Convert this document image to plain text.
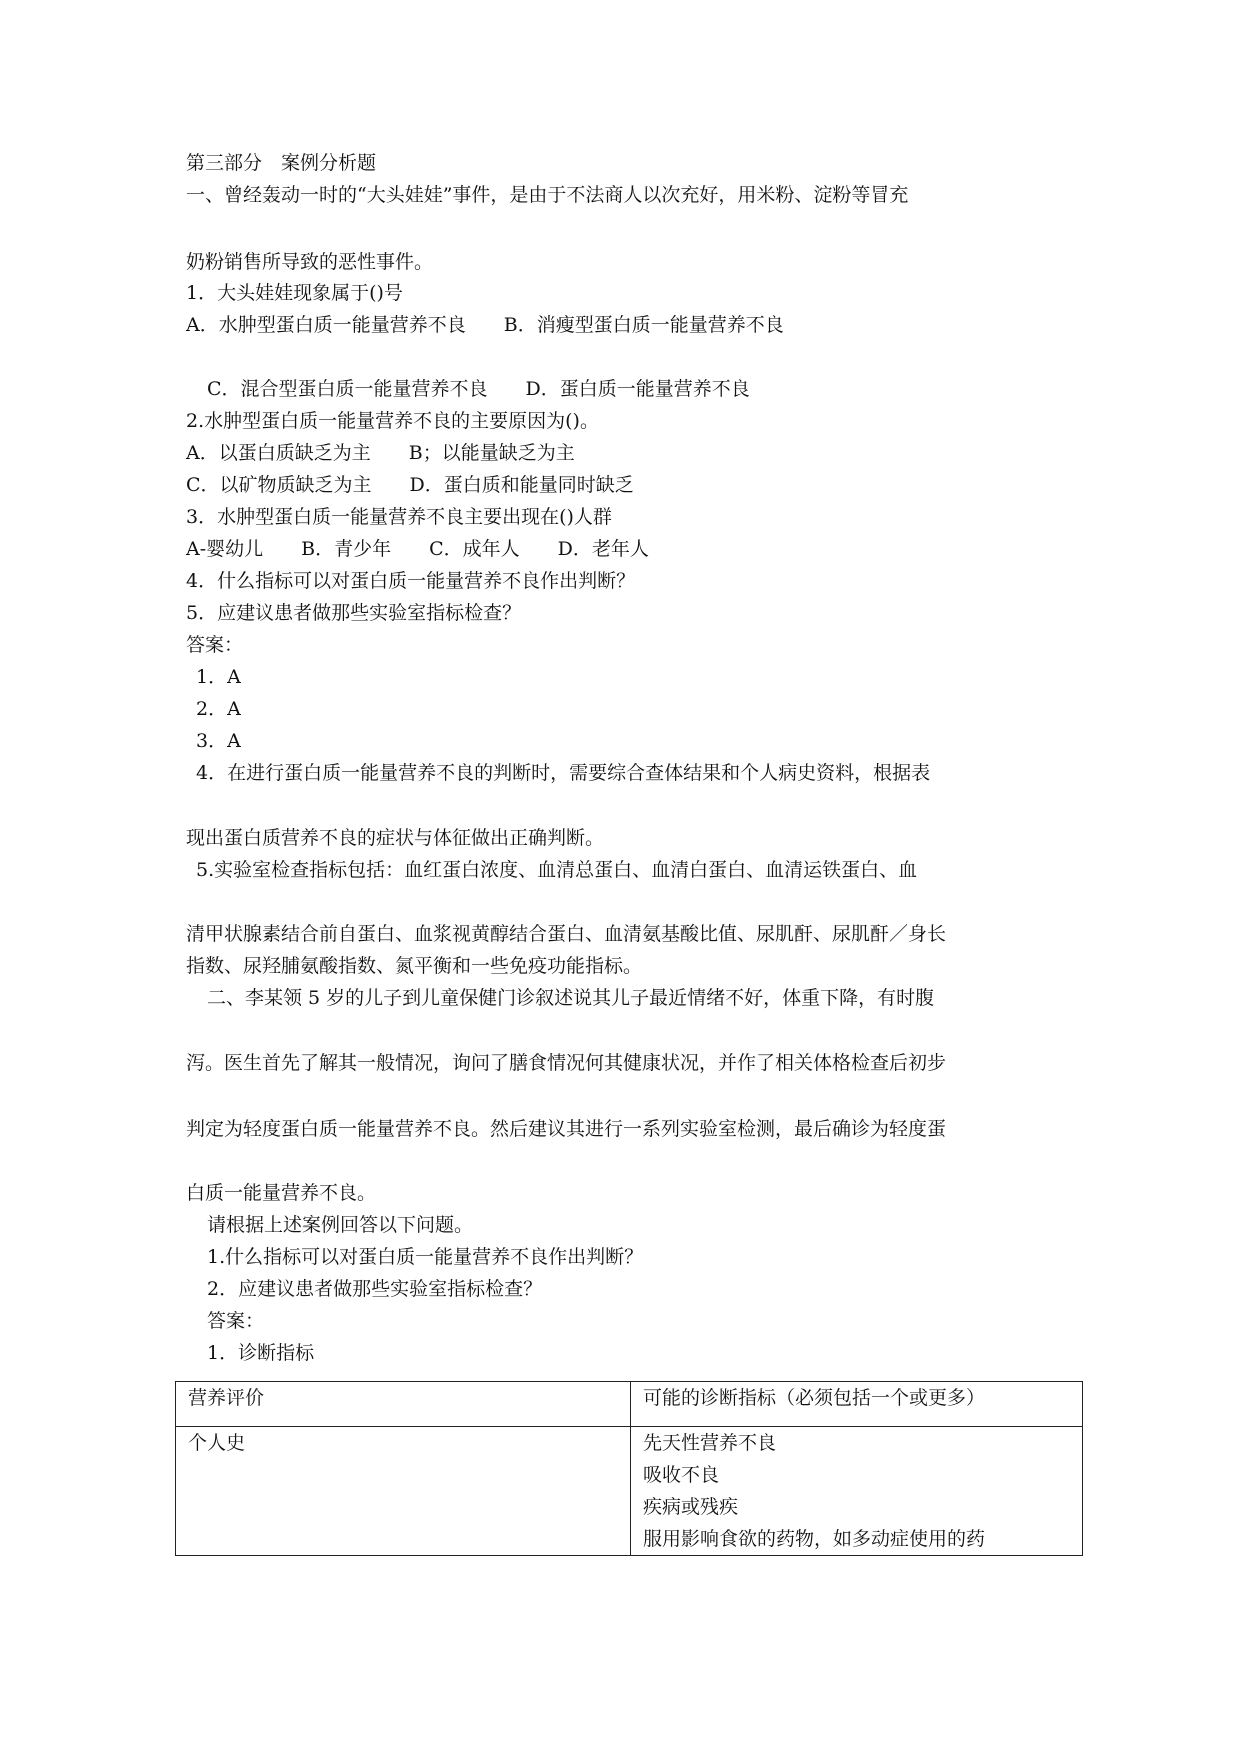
第三部分　案例分析题
一、曾经轰动一时的“大头娃娃”事件，是由于不法商人以次充好，用米粉、淀粉等冒充
奶粉销售所导致的恶性事件。
1．大头娃娃现象属于()号
A．水肿型蛋白质一能量营养不良 B．消瘦型蛋白质一能量营养不良
C．混合型蛋白质一能量营养不良 D．蛋白质一能量营养不良
2.水肿型蛋白质一能量营养不良的主要原因为()。
A．以蛋白质缺乏为主 B；以能量缺乏为主
C．以矿物质缺乏为主 D．蛋白质和能量同时缺乏
3．水肿型蛋白质一能量营养不良主要出现在()人群
A-婴幼儿 B．青少年 C．成年人 D．老年人
4．什么指标可以对蛋白质一能量营养不良作出判断？
5．应建议患者做那些实验室指标检查？
答案：
1．A
2．A
3．A
4．在进行蛋白质一能量营养不良的判断时，需要综合查体结果和个人病史资料，根据表
现出蛋白质营养不良的症状与体征做出正确判断。
5.实验室检查指标包括：血红蛋白浓度、血清总蛋白、血清白蛋白、血清运铁蛋白、血
清甲状腺素结合前自蛋白、血浆视黄醇结合蛋白、血清氨基酸比值、尿肌酐、尿肌酐／身长
指数、尿羟脯氨酸指数、氮平衡和一些免疫功能指标。
二、李某领 5 岁的儿子到儿童保健门诊叙述说其儿子最近情绪不好，体重下降，有时腹
泻。医生首先了解其一般情况，询问了膳食情况何其健康状况，并作了相关体格检查后初步
判定为轻度蛋白质一能量营养不良。然后建议其进行一系列实验室检测，最后确诊为轻度蛋
白质一能量营养不良。
请根据上述案例回答以下问题。
1.什么指标可以对蛋白质一能量营养不良作出判断？
2．应建议患者做那些实验室指标检查？
答案：
1．诊断指标
营养评价	可能的诊断指标（必须包括一个或更多）
个人史	先天性营养不良
吸收不良
疾病或残疾
服用影响食欲的药物，如多动症使用的药
